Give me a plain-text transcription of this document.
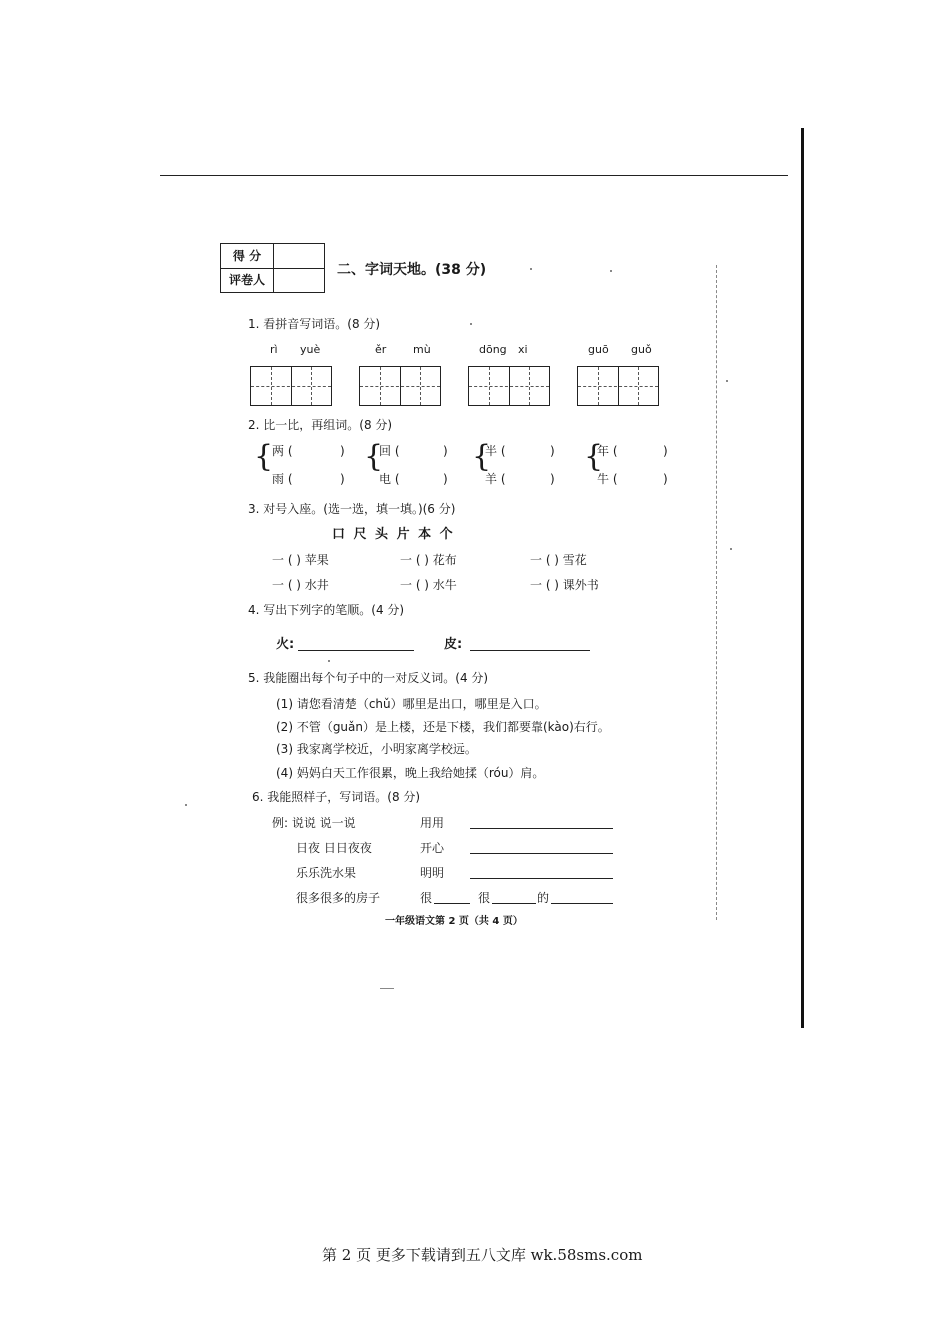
得 分
评卷人
二、字词天地。(38 分)
1. 看拼音写词语。(8 分)
rì yuè	ěr mù	dōng xi	guō guǒ
2. 比一比，再组词。(8 分)
{
两 (	)
雨 (	)
{
回 (	)
电 (	)
{
半 (	)
羊 (	)
{
年 (	)
牛 (	)
3. 对号入座。(选一选，填一填。)(6 分)
口 尺 头 片 本 个
一 ( ) 苹果	一 ( ) 花布	一 ( ) 雪花
一 ( ) 水井	一 ( ) 水牛	一 ( ) 课外书
4. 写出下列字的笔顺。(4 分)
火:	皮:
5. 我能圈出每个句子中的一对反义词。(4 分)
(1) 请您看清楚（chǔ）哪里是出口，哪里是入口。
(2) 不管（guǎn）是上楼，还是下楼，我们都要靠(kào)右行。
(3) 我家离学校近，小明家离学校远。
(4) 妈妈白天工作很累，晚上我给她揉（róu）肩。
6. 我能照样子，写词语。(8 分)
例: 说说 说一说	用用
日夜 日日夜夜	开心
乐乐洗水果	明明
很多很多的房子	很	很	的
一年级语文第 2 页（共 4 页）
第 2 页 更多下载请到五八文库 wk.58sms.com
